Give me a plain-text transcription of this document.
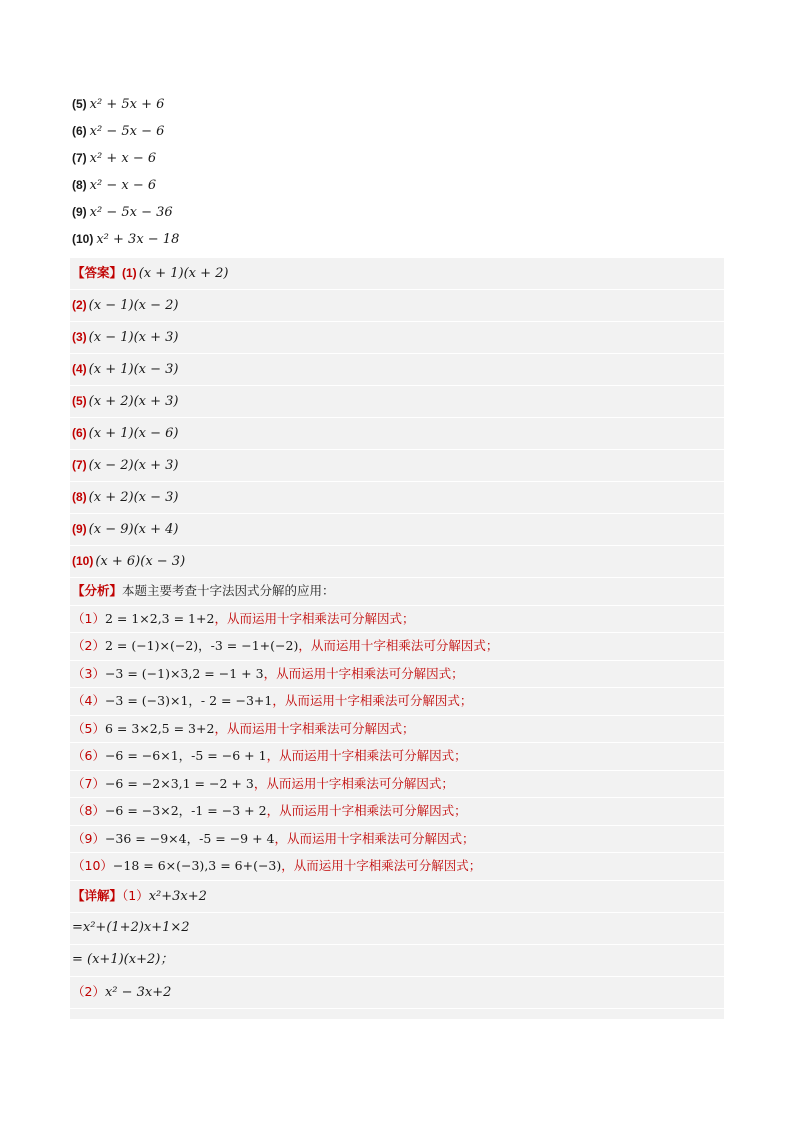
(5) x² + 5x + 6
(6) x² − 5x − 6
(7) x² + x − 6
(8) x² − x − 6
(9) x² − 5x − 36
(10) x² + 3x − 18
【答案】(1) (x + 1)(x + 2)
(2) (x − 1)(x − 2)
(3) (x − 1)(x + 3)
(4) (x + 1)(x − 3)
(5) (x + 2)(x + 3)
(6) (x + 1)(x − 6)
(7) (x − 2)(x + 3)
(8) (x + 2)(x − 3)
(9) (x − 9)(x + 4)
(10) (x + 6)(x − 3)
【分析】本题主要考查十字法因式分解的应用：
（1）2 = 1×2,3 = 1+2，从而运用十字相乘法可分解因式；
（2）2 = (−1)×(−2)，-3 = −1+(−2)，从而运用十字相乘法可分解因式；
（3）−3 = (−1)×3,2 = −1 + 3，从而运用十字相乘法可分解因式；
（4）−3 = (−3)×1，- 2 = −3+1，从而运用十字相乘法可分解因式；
（5）6 = 3×2,5 = 3+2，从而运用十字相乘法可分解因式；
（6）−6 = −6×1，-5 = −6 + 1，从而运用十字相乘法可分解因式；
（7）−6 = −2×3,1 = −2 + 3，从而运用十字相乘法可分解因式；
（8）−6 = −3×2，-1 = −3 + 2，从而运用十字相乘法可分解因式；
（9）−36 = −9×4，-5 = −9 + 4，从而运用十字相乘法可分解因式；
（10）−18 = 6×(−3),3 = 6+(−3)，从而运用十字相乘法可分解因式；
【详解】（1）x²+3x+2
=x²+(1+2)x+1×2
= (x+1)(x+2)；
（2）x² − 3x+2
